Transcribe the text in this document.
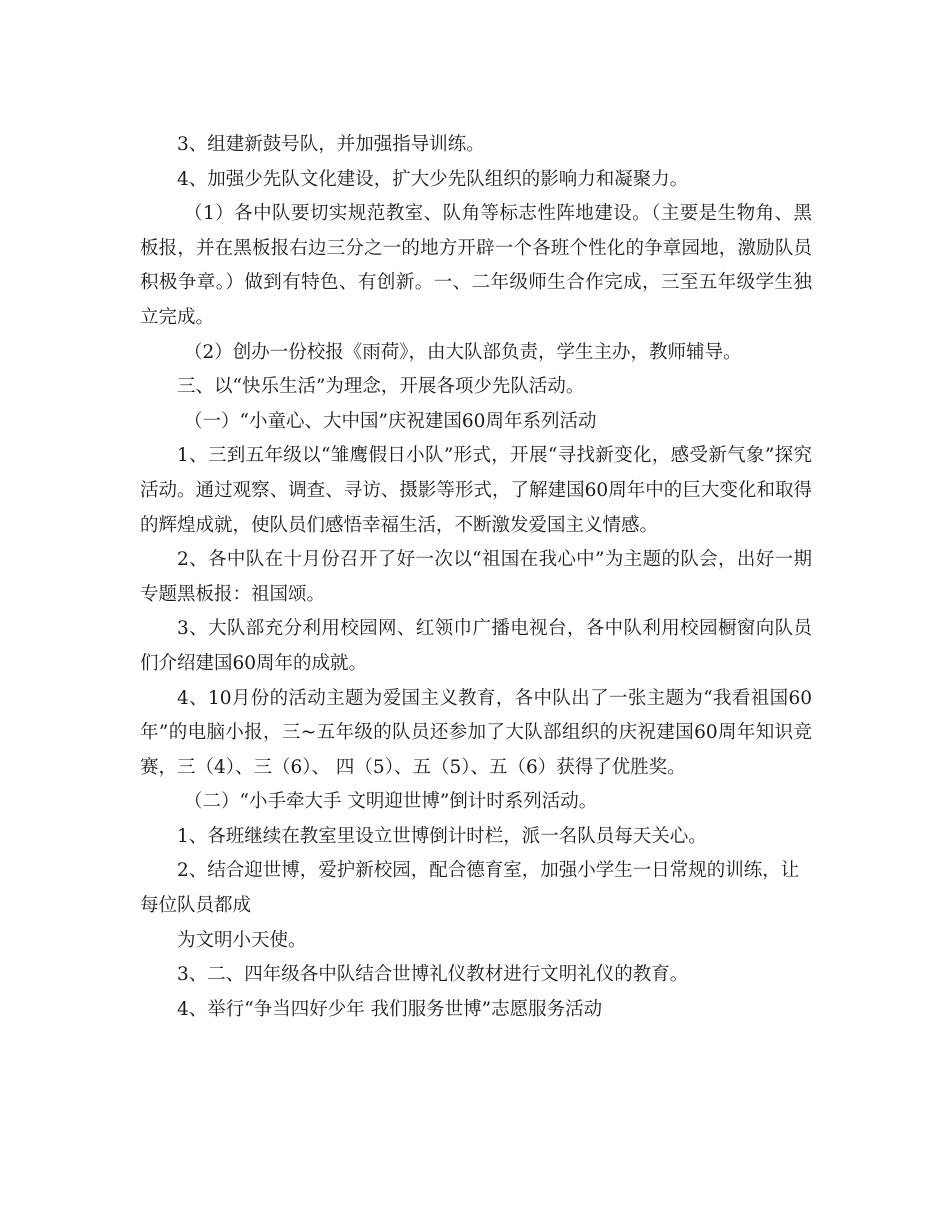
3、组建新鼓号队，并加强指导训练。

4、加强少先队文化建设，扩大少先队组织的影响力和凝聚力。

（1）各中队要切实规范教室、队角等标志性阵地建设。（主要是生物角、黑板报，并在黑板报右边三分之一的地方开辟一个各班个性化的争章园地，激励队员积极争章。）做到有特色、有创新。一、二年级师生合作完成，三至五年级学生独立完成。

（2）创办一份校报《雨荷》，由大队部负责，学生主办，教师辅导。

三、以“快乐生活”为理念，开展各项少先队活动。

（一）“小童心、大中国”庆祝建国60周年系列活动

1、三到五年级以“雏鹰假日小队”形式，开展“寻找新变化，感受新气象”探究活动。通过观察、调查、寻访、摄影等形式，了解建国60周年中的巨大变化和取得的辉煌成就，使队员们感悟幸福生活，不断激发爱国主义情感。

2、各中队在十月份召开了好一次以“祖国在我心中”为主题的队会，出好一期专题黑板报：祖国颂。

3、大队部充分利用校园网、红领巾广播电视台，各中队利用校园橱窗向队员们介绍建国60周年的成就。

4、10月份的活动主题为爱国主义教育，各中队出了一张主题为“我看祖国60年”的电脑小报，三~五年级的队员还参加了大队部组织的庆祝建国60周年知识竞赛，三（4）、三（6）、 四（5）、五（5）、五（6）获得了优胜奖。

（二）“小手牵大手 文明迎世博”倒计时系列活动。

1、各班继续在教室里设立世博倒计时栏，派一名队员每天关心。

2、结合迎世博，爱护新校园，配合德育室，加强小学生一日常规的训练，让每位队员都成

为文明小天使。

3、二、四年级各中队结合世博礼仪教材进行文明礼仪的教育。

4、举行“争当四好少年 我们服务世博”志愿服务活动
